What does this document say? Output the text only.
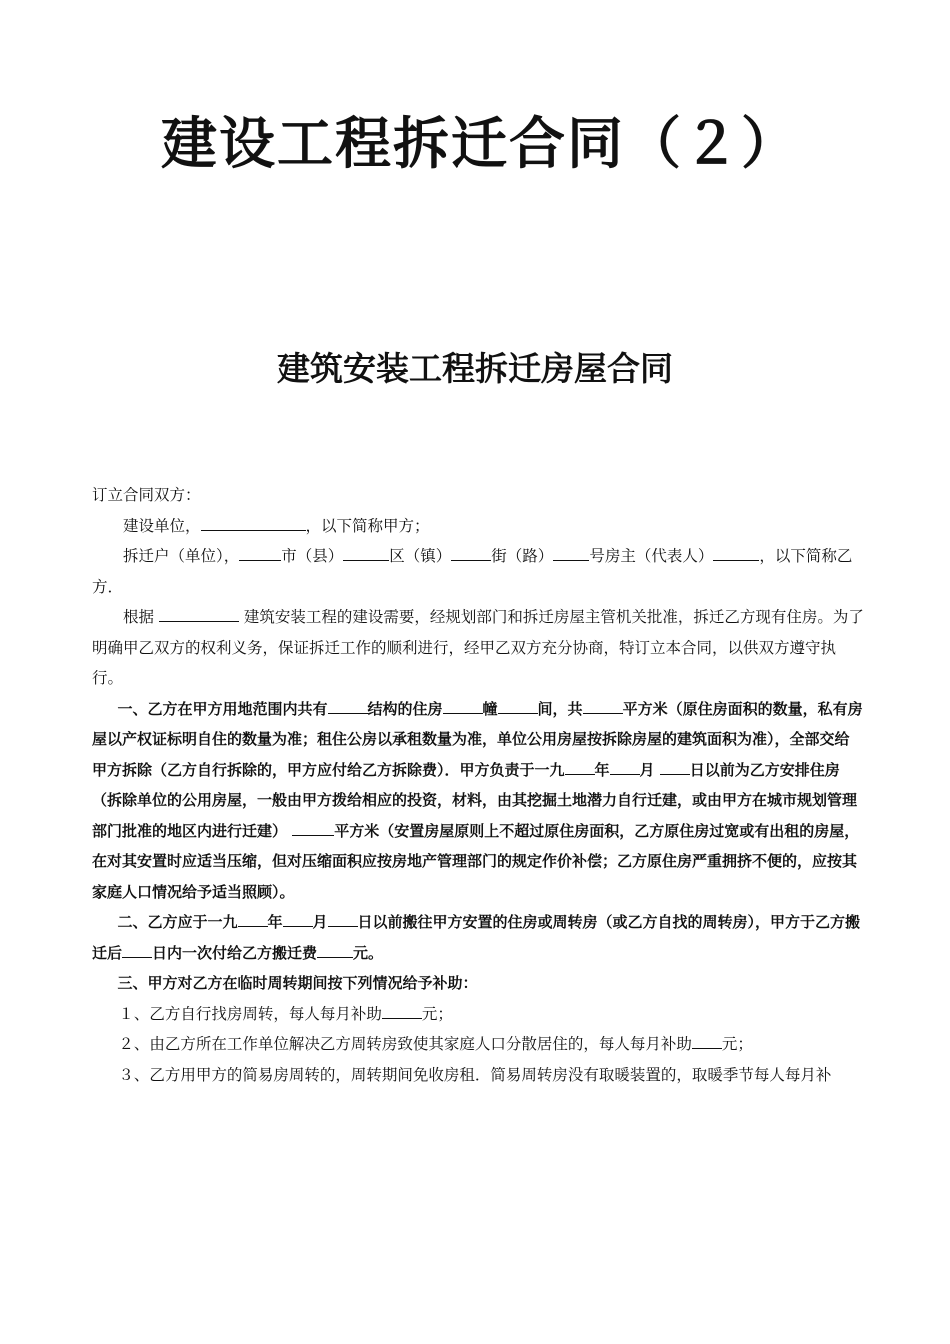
建设工程拆迁合同（２）
建筑安装工程拆迁房屋合同

订立合同双方：

建设单位，	，以下简称甲方；

拆迁户（单位），	市（县）	区（镇）	街（路） 号房主（代表人）	，以下简称乙方．

根据	建筑安装工程的建设需要，经规划部门和拆迁房屋主管机关批准，拆迁乙方现有住房。为了明确甲乙双方的权利义务，保证拆迁工作的顺利进行，经甲乙双方充分协商，特订立本合同，以供双方遵守执行。

一、乙方在甲方用地范围内共有	结构的住房	幢	间，共	平方米（原住房面积的数量，私有房屋以产权证标明自住的数量为准；租住公房以承租数量为准，单位公用房屋按拆除房屋的建筑面积为准），全部交给甲方拆除（乙方自行拆除的，甲方应付给乙方拆除费）．甲方负责于一九 年 月 日以前为乙方安排住房（拆除单位的公用房屋，一般由甲方拨给相应的投资，材料，由其挖掘土地潜力自行迁建，或由甲方在城市规划管理部门批准的地区内进行迁建）	平方米（安置房屋原则上不超过原住房面积，乙方原住房过宽或有出租的房屋，在对其安置时应适当压缩，但对压缩面积应按房地产管理部门的规定作价补偿；乙方原住房严重拥挤不便的，应按其家庭人口情况给予适当照顾）。

二、乙方应于一九 年 月 日以前搬往甲方安置的住房或周转房（或乙方自找的周转房），甲方于乙方搬迁后 日内一次付给乙方搬迁费 元。

三、甲方对乙方在临时周转期间按下列情况给予补助：

１、乙方自行找房周转，每人每月补助	元；

２、由乙方所在工作单位解决乙方周转房致使其家庭人口分散居住的，每人每月补助 元；

３、乙方用甲方的简易房周转的，周转期间免收房租．简易周转房没有取暖装置的，取暖季节每人每月补
